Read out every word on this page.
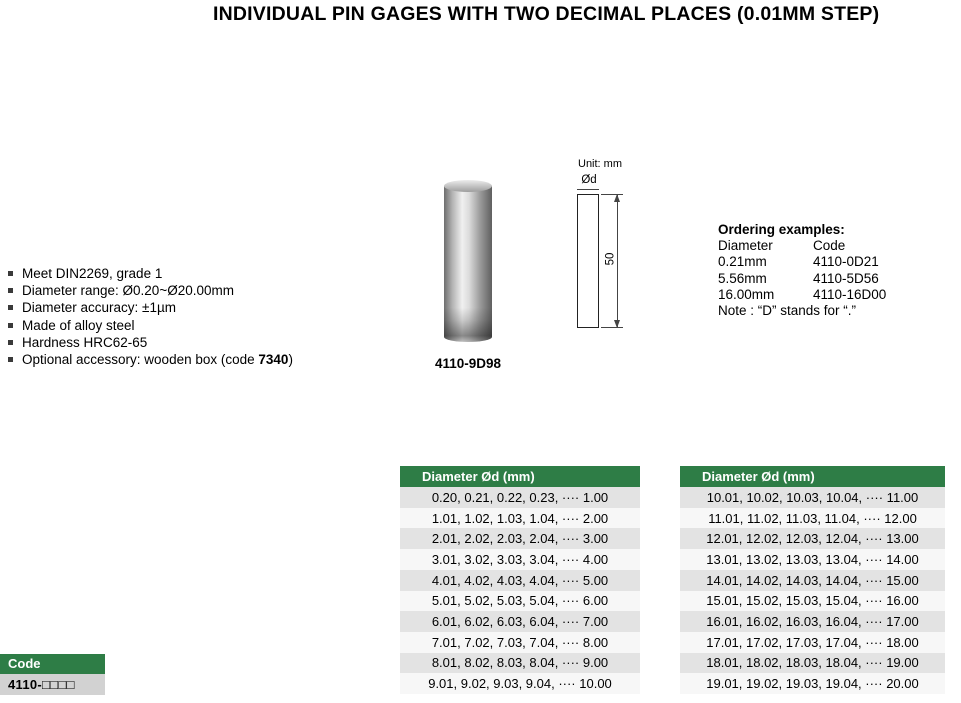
INDIVIDUAL PIN GAGES WITH TWO DECIMAL PLACES (0.01MM STEP)
Meet DIN2269, grade 1
Diameter range: Ø0.20~Ø20.00mm
Diameter accuracy: ±1µm
Made of alloy steel
Hardness HRC62-65
Optional accessory: wooden box (code 7340)	4110-9D98
Unit: mm
Ød
50
Ordering examples:
Diameter	Code
0.21mm	4110-0D21
5.56mm	4110-5D56
16.00mm	4110-16D00
Note : “D” stands for “.”
Code
4110-□□□□
Diameter Ød (mm)
0.20, 0.21, 0.22, 0.23, ···· 1.00
1.01, 1.02, 1.03, 1.04, ···· 2.00
2.01, 2.02, 2.03, 2.04, ···· 3.00
3.01, 3.02, 3.03, 3.04, ···· 4.00
4.01, 4.02, 4.03, 4.04, ···· 5.00
5.01, 5.02, 5.03, 5.04, ···· 6.00
6.01, 6.02, 6.03, 6.04, ···· 7.00
7.01, 7.02, 7.03, 7.04, ···· 8.00
8.01, 8.02, 8.03, 8.04, ···· 9.00
9.01, 9.02, 9.03, 9.04, ···· 10.00
Diameter Ød (mm)
10.01, 10.02, 10.03, 10.04, ···· 11.00
11.01, 11.02, 11.03, 11.04, ···· 12.00
12.01, 12.02, 12.03, 12.04, ···· 13.00
13.01, 13.02, 13.03, 13.04, ···· 14.00
14.01, 14.02, 14.03, 14.04, ···· 15.00
15.01, 15.02, 15.03, 15.04, ···· 16.00
16.01, 16.02, 16.03, 16.04, ···· 17.00
17.01, 17.02, 17.03, 17.04, ···· 18.00
18.01, 18.02, 18.03, 18.04, ···· 19.00
19.01, 19.02, 19.03, 19.04, ···· 20.00
